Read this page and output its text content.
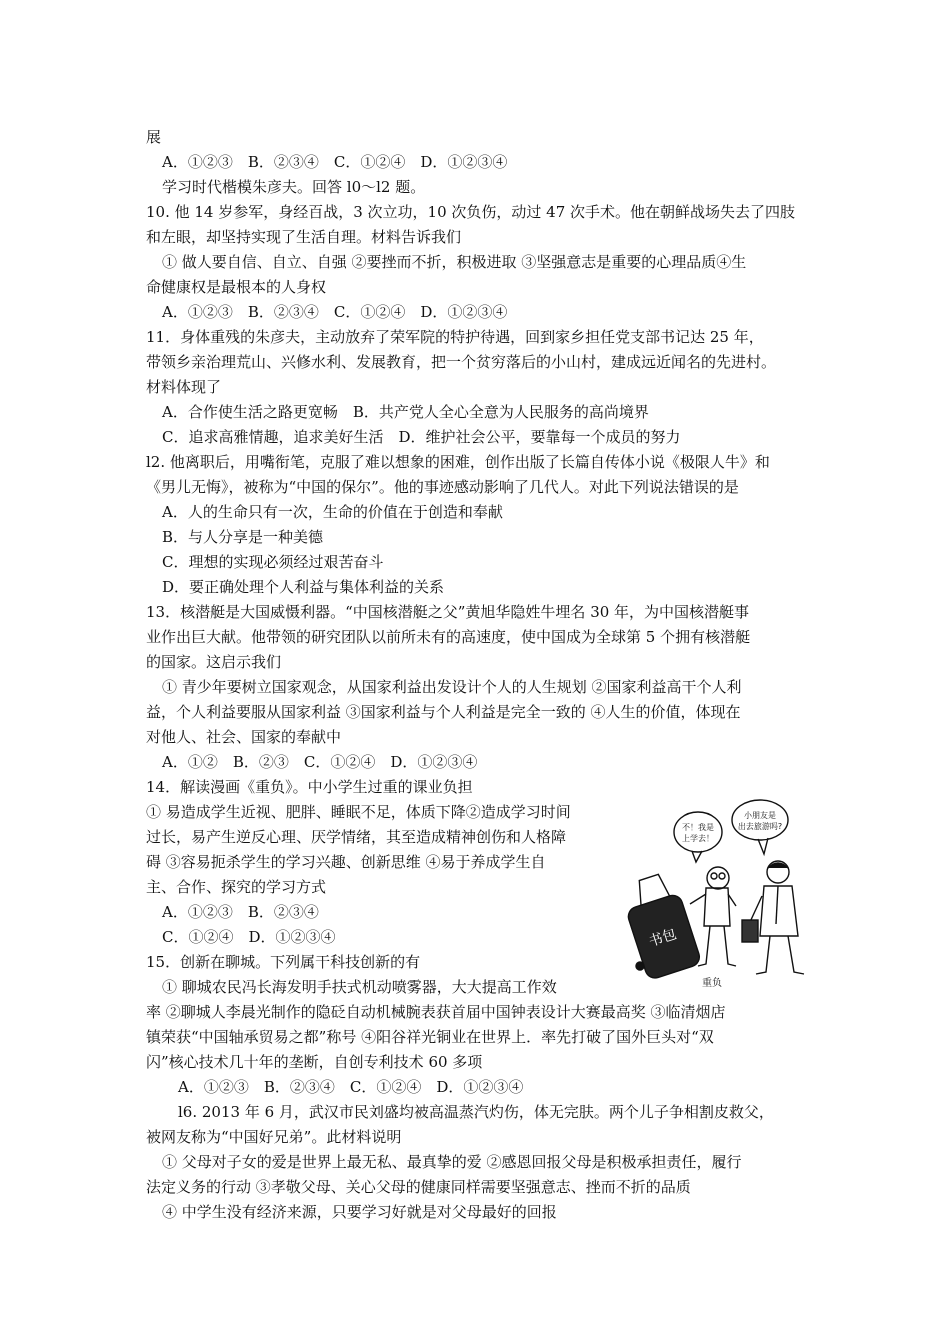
展
A．①②③　B．②③④　C．①②④　D．①②③④
学习时代楷模朱彦夫。回答 l0～l2 题。
10. 他 14 岁参军，身经百战，3 次立功，10 次负伤，动过 47 次手术。他在朝鲜战场失去了四肢
和左眼，却坚持实现了生活自理。材料告诉我们
① 做人要自信、自立、自强 ②要挫而不折，积极进取 ③坚强意志是重要的心理品质④生
命健康权是最根本的人身权
A．①②③　B．②③④　C．①②④　D．①②③④
11．身体重残的朱彦夫，主动放弃了荣军院的特护待遇，回到家乡担任党支部书记达 25 年，
带领乡亲治理荒山、兴修水利、发展教育，把一个贫穷落后的小山村，建成远近闻名的先进村。
材料体现了
A．合作使生活之路更宽畅　B．共产党人全心全意为人民服务的高尚境界
C．追求高雅情趣，追求美好生活　D．维护社会公平，要靠每一个成员的努力
l2. 他离职后，用嘴衔笔，克服了难以想象的困难，创作出版了长篇自传体小说《极限人牛》和
《男儿无悔》，被称为“中国的保尔”。他的事迹感动影响了几代人。对此下列说法错误的是
A．人的生命只有一次，生命的价值在于创造和奉献
B．与人分享是一种美德
C．理想的实现必须经过艰苦奋斗
D．要正确处理个人利益与集体利益的关系
13．核潜艇是大国威慑利器。“中国核潜艇之父”黄旭华隐姓牛埋名 30 年，为中国核潜艇事
业作出巨大献。他带领的研究团队以前所未有的高速度，使中国成为全球第 5 个拥有核潜艇
的国家。这启示我们
① 青少年要树立国家观念，从国家利益出发设计个人的人生规划 ②国家利益高干个人利
益，个人利益要服从国家利益 ③国家利益与个人利益是完全一致的 ④人生的价值，体现在
对他人、社会、国家的奉献中
A．①②　B．②③　C．①②④　D．①②③④
14．解读漫画《重负》。中小学生过重的课业负担
① 易造成学生近视、肥胖、睡眠不足，体质下降②造成学习时间
过长，易产生逆反心理、厌学情绪，其至造成精神创伤和人格障
碍 ③容易扼杀学生的学习兴趣、创新思维 ④易于养成学生自
主、合作、探究的学习方式
A．①②③　B．②③④
C．①②④　D．①②③④
15．创新在聊城。下列属干科技创新的有
① 聊城农民冯长海发明手扶式机动喷雾器，大大提高工作效
率 ②聊城人李晨光制作的隐砭自动机械腕表获首届中国钟表设计大赛最高奖 ③临清烟店
镇荣获“中国轴承贸易之都”称号 ④阳谷祥光铜业在世界上．率先打破了国外巨头对“双
闪”核心技术几十年的垄断，自创专利技术 60 多项
A．①②③　B．②③④　C．①②④　D．①②③④
l6. 2013 年 6 月，武汉市民刘盛均被高温蒸汽灼伤，体无完肤。两个儿子争相割皮救父，
被网友称为“中国好兄弟”。此材料说明
① 父母对子女的爱是世界上最无私、最真挚的爱 ②感恩回报父母是积极承担责任，履行
法定义务的行动 ③孝敬父母、关心父母的健康同样需要坚强意志、挫而不折的品质
④ 中学生没有经济来源，只要学习好就是对父母最好的回报
不！我是
上学去！
小朋友是
出去旅游吗?
书包
重负
